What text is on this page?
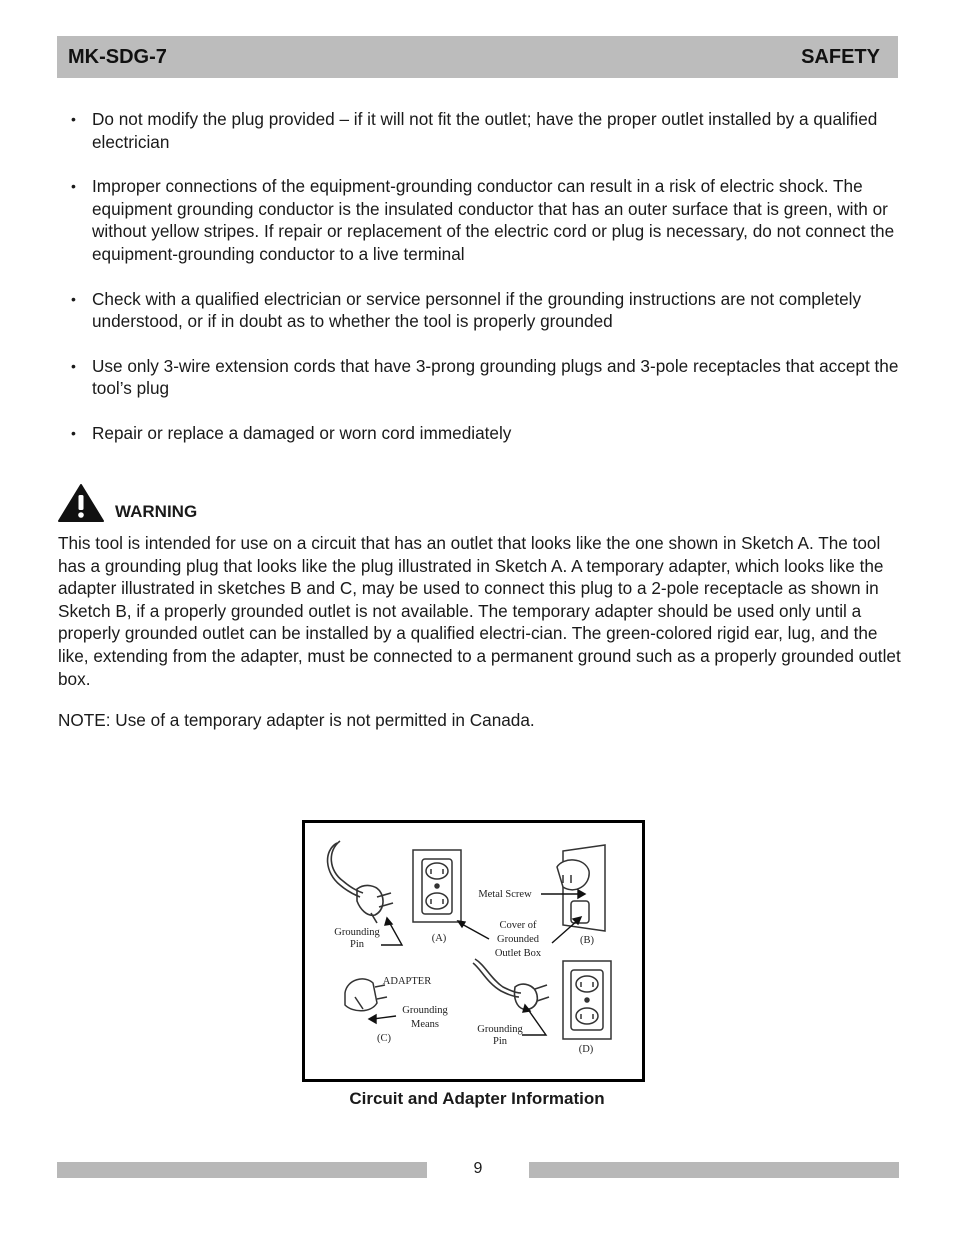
MK-SDG-7	SAFETY
• Do not modify the plug provided – if it will not fit the outlet; have the proper outlet installed by a qualified electrician
• Improper connections of the equipment-grounding conductor can result in a risk of electric shock. The equipment grounding conductor is the insulated conductor that has an outer surface that is green, with or without yellow stripes. If repair or replacement of the electric cord or plug is necessary, do not connect the equipment-grounding conductor to a live terminal
• Check with a qualified electrician or service personnel if the grounding instructions are not completely understood, or if in doubt as to whether the tool is properly grounded
• Use only 3-wire extension cords that have 3-prong grounding plugs and 3-pole receptacles that accept the tool’s plug
• Repair or replace a damaged or worn cord immediately
WARNING

This tool is intended for use on a circuit that has an outlet that looks like the one shown in Sketch A. The tool has a grounding plug that looks like the plug illustrated in Sketch A. A temporary adapter, which looks like the adapter illustrated in sketches B and C, may be used to connect this plug to a 2-pole receptacle as shown in Sketch B, if a properly grounded outlet is not available. The temporary adapter should be used only until a properly grounded outlet can be installed by a qualified electri-cian. The green-colored rigid ear, lug, and the like, extending from the adapter, must be connected to a permanent ground such as a properly grounded outlet box.

NOTE: Use of a temporary adapter is not permitted in Canada.

Grounding
Pin
(A)
Metal Screw
Cover of
Grounded
Outlet Box
(B)
ADAPTER
Grounding
Means
(C)
Grounding
Pin
(D)
Circuit and Adapter Information
9
